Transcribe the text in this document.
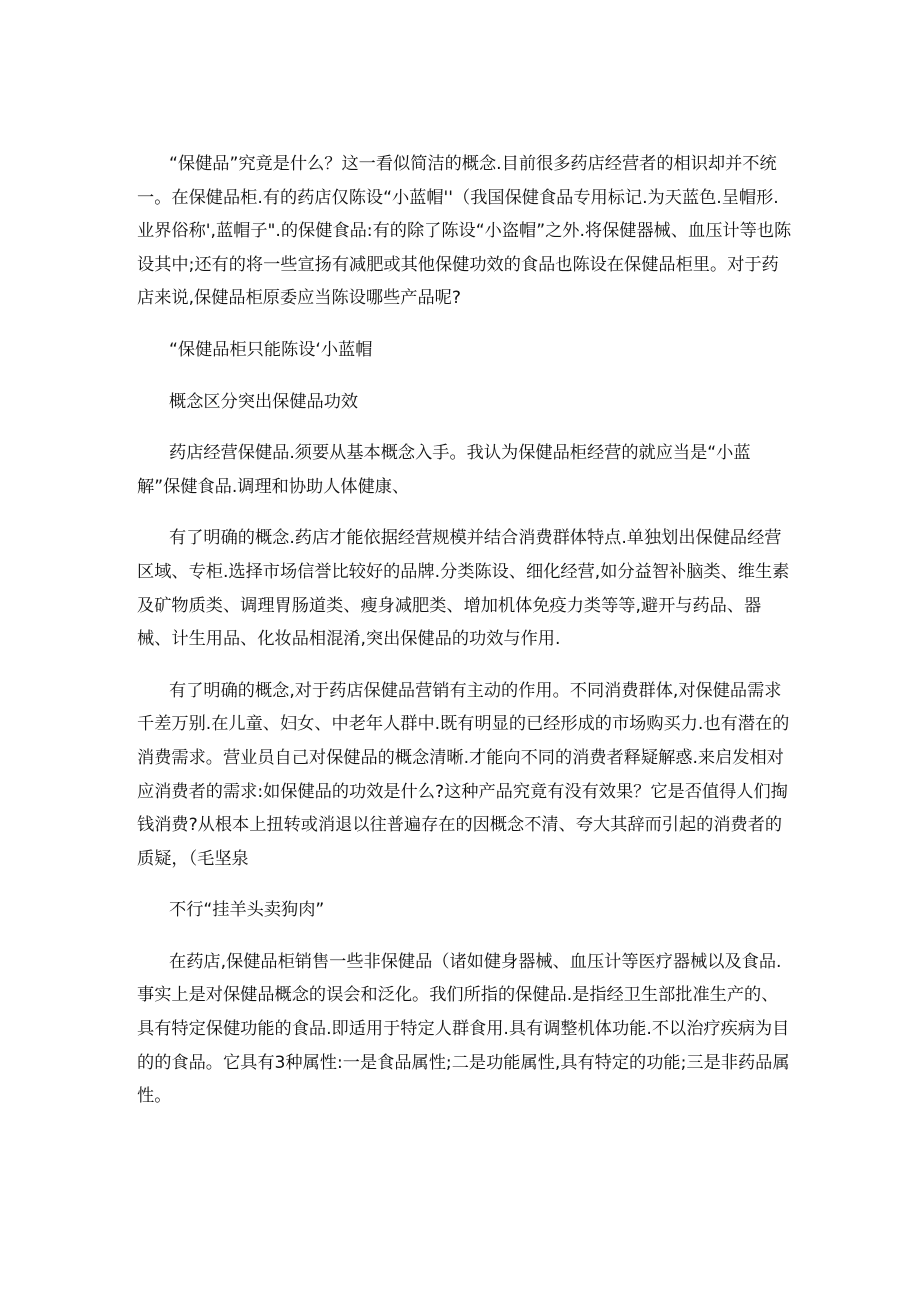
“保健品”究竟是什么？这一看似简洁的概念.目前很多药店经营者的相识却并不统一。在保健品柜.有的药店仅陈设“小蓝帽''（我国保健食品专用标记.为天蓝色.呈帽形.业界俗称',蓝帽子".的保健食品:有的除了陈设“小盗帽”之外.将保健器械、血压计等也陈设其中;还有的将一些宣扬有减肥或其他保健功效的食品也陈设在保健品柜里。对于药店来说,保健品柜原委应当陈设哪些产品呢?

“保健品柜只能陈设‘小蓝帽

概念区分突出保健品功效

药店经营保健品.须要从基本概念入手。我认为保健品柜经营的就应当是“小蓝解”保健食品.调理和协助人体健康、

有了明确的概念.药店才能依据经营规模并结合消费群体特点.单独划出保健品经营区域、专柜.选择市场信誉比较好的品牌.分类陈设、细化经营,如分益智补脑类、维生素及矿物质类、调理胃肠道类、瘦身减肥类、增加机体免疫力类等等,避开与药品、器械、计生用品、化妆品相混淆,突出保健品的功效与作用.

有了明确的概念,对于药店保健品营销有主动的作用。不同消费群体,对保健品需求千差万别.在儿童、妇女、中老年人群中.既有明显的已经形成的市场购买力.也有潜在的消费需求。营业员自己对保健品的概念清晰.才能向不同的消费者释疑解惑.来启发相对应消费者的需求:如保健品的功效是什么?这种产品究竟有没有效果？它是否值得人们掏钱消费?从根本上扭转或消退以往普遍存在的因概念不清、夸大其辞而引起的消费者的质疑，（毛坚泉

不行“挂羊头卖狗肉”

在药店,保健品柜销售一些非保健品（诸如健身器械、血压计等医疗器械以及食品.事实上是对保健品概念的误会和泛化。我们所指的保健品.是指经卫生部批准生产的、具有特定保健功能的食品.即适用于特定人群食用.具有调整机体功能.不以治疗疾病为目的的食品。它具有3种属性:一是食品属性;二是功能属性,具有特定的功能;三是非药品属性。
